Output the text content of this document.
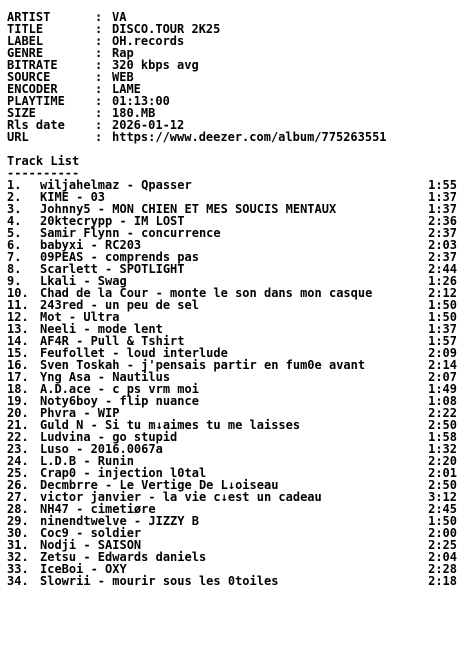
ARTIST	: VA
TITLE	: DISCO.TOUR 2K25
LABEL	: OH.records
GENRE	: Rap
BITRATE	: 320 kbps avg
SOURCE	: WEB
ENCODER	: LAME
PLAYTIME	: 01:13:00
SIZE	: 180.MB
Rls date	: 2026-01-12
URL	: https://www.deezer.com/album/775263551
Track List
----------
1. wiljahelmaz - Qpasser	1:55
2. KIME - 03	1:37
3. Johnny5 - MON CHIEN ET MES SOUCIS MENTAUX	1:37
4. 20ktecrypp - IM LOST	2:36
5. Samir Flynn - concurrence	2:37
6. babyxi - RC203	2:03
7. 09PEAS - comprends pas	2:37
8. Scarlett - SPOTLIGHT	2:44
9. Lkali - Swag	1:26
10. Chad de la Cour - monte le son dans mon casque	2:12
11. 243red - un peu de sel	1:50
12. Mot - Ultra	1:50
13. Neeli - mode lent	1:37
14. AF4R - Pull & Tshirt	1:57
15. Feufollet - loud interlude	2:09
16. Sven Toskah - j'pensais partir en fum0e avant	2:14
17. Yng Asa - Nautilus	2:07
18. A.D.ace - c ps vrm moi	1:49
19. Noty6boy - flip nuance	1:08
20. Phvra - WIP	2:22
21. Guld N - Si tu m↓aimes tu me laisses	2:50
22. Ludvina - go stupid	1:58
23. Luso - 2016.0067a	1:32
24. L.D.B - Runin	2:20
25. Crap0 - injection l0tal	2:01
26. Decmbrre - Le Vertige De L↓oiseau	2:50
27. victor janvier - la vie c↓est un cadeau	3:12
28. NH47 - cimetiøre	2:45
29. ninendtwelve - JIZZY B	1:50
30. Coc9 - soldier	2:00
31. Nodji - SAISON	2:25
32. Zetsu - Edwards daniels	2:04
33. IceBoi - OXY	2:28
34. Slowrii - mourir sous les 0toiles	2:18
